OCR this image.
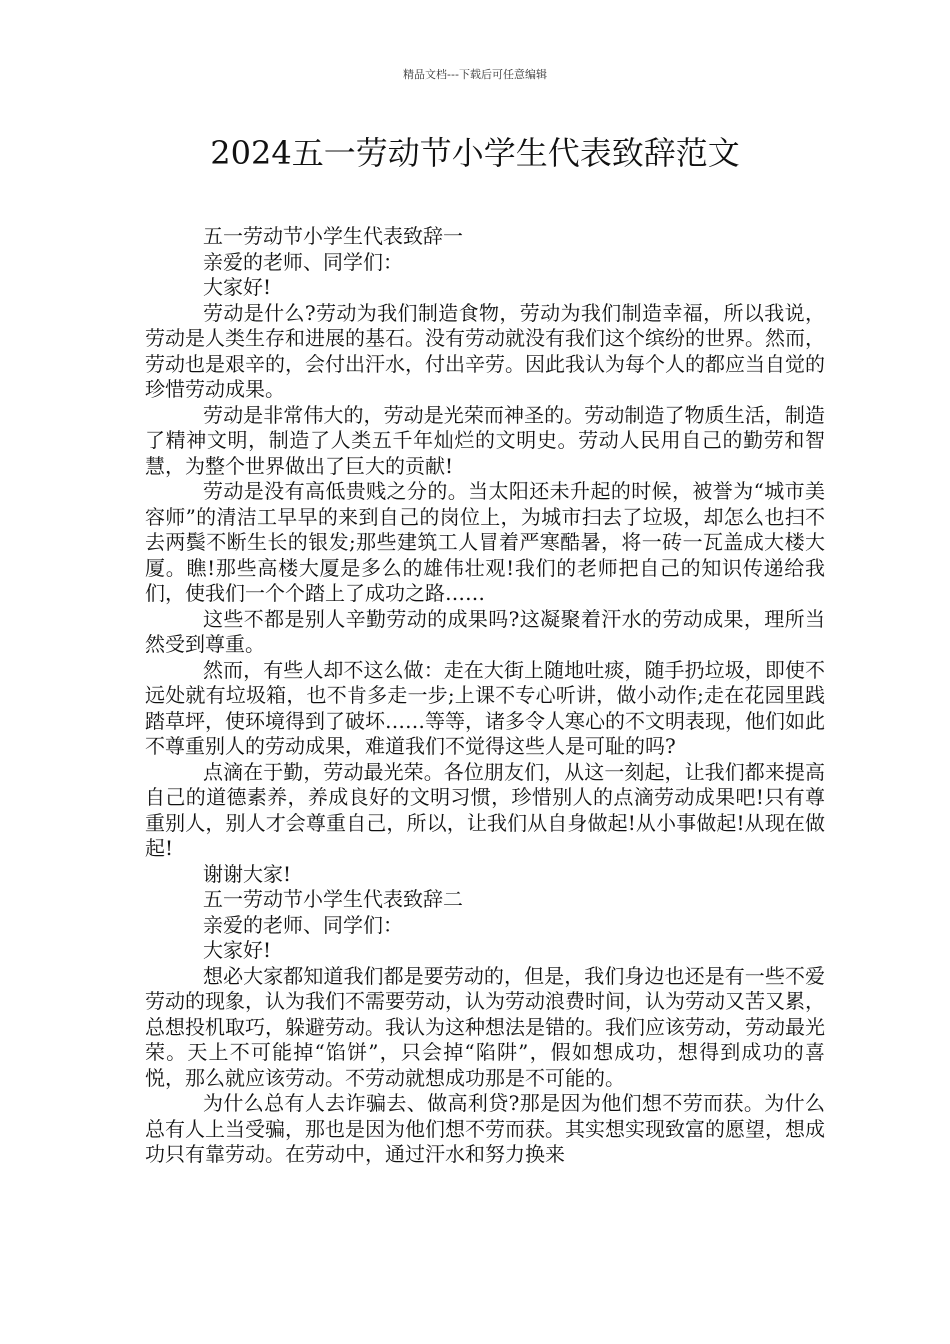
精品文档---下载后可任意编辑
2024五一劳动节小学生代表致辞范文

五一劳动节小学生代表致辞一

亲爱的老师、同学们：

大家好!

劳动是什么?劳动为我们制造食物，劳动为我们制造幸福，所以我说，劳动是人类生存和进展的基石。没有劳动就没有我们这个缤纷的世界。然而，劳动也是艰辛的，会付出汗水，付出辛劳。因此我认为每个人的都应当自觉的珍惜劳动成果。

劳动是非常伟大的，劳动是光荣而神圣的。劳动制造了物质生活，制造了精神文明，制造了人类五千年灿烂的文明史。劳动人民用自己的勤劳和智慧，为整个世界做出了巨大的贡献!

劳动是没有高低贵贱之分的。当太阳还未升起的时候，被誉为“城市美容师”的清洁工早早的来到自己的岗位上，为城市扫去了垃圾，却怎么也扫不去两鬓不断生长的银发;那些建筑工人冒着严寒酷暑，将一砖一瓦盖成大楼大厦。瞧!那些高楼大厦是多么的雄伟壮观!我们的老师把自己的知识传递给我们，使我们一个个踏上了成功之路……

这些不都是别人辛勤劳动的成果吗?这凝聚着汗水的劳动成果，理所当然受到尊重。

然而，有些人却不这么做：走在大街上随地吐痰，随手扔垃圾，即使不远处就有垃圾箱，也不肯多走一步;上课不专心听讲，做小动作;走在花园里践踏草坪，使环境得到了破坏……等等，诸多令人寒心的不文明表现，他们如此不尊重别人的劳动成果，难道我们不觉得这些人是可耻的吗?

点滴在于勤，劳动最光荣。各位朋友们，从这一刻起，让我们都来提高自己的道德素养，养成良好的文明习惯，珍惜别人的点滴劳动成果吧!只有尊重别人，别人才会尊重自己，所以，让我们从自身做起!从小事做起!从现在做起!

谢谢大家!

五一劳动节小学生代表致辞二

亲爱的老师、同学们：

大家好!

想必大家都知道我们都是要劳动的，但是，我们身边也还是有一些不爱劳动的现象，认为我们不需要劳动，认为劳动浪费时间，认为劳动又苦又累，总想投机取巧，躲避劳动。我认为这种想法是错的。我们应该劳动，劳动最光荣。天上不可能掉“馅饼”，只会掉“陷阱”，假如想成功，想得到成功的喜悦，那么就应该劳动。不劳动就想成功那是不可能的。

为什么总有人去诈骗去、做高利贷?那是因为他们想不劳而获。为什么总有人上当受骗，那也是因为他们想不劳而获。其实想实现致富的愿望，想成功只有靠劳动。在劳动中，通过汗水和努力换来
